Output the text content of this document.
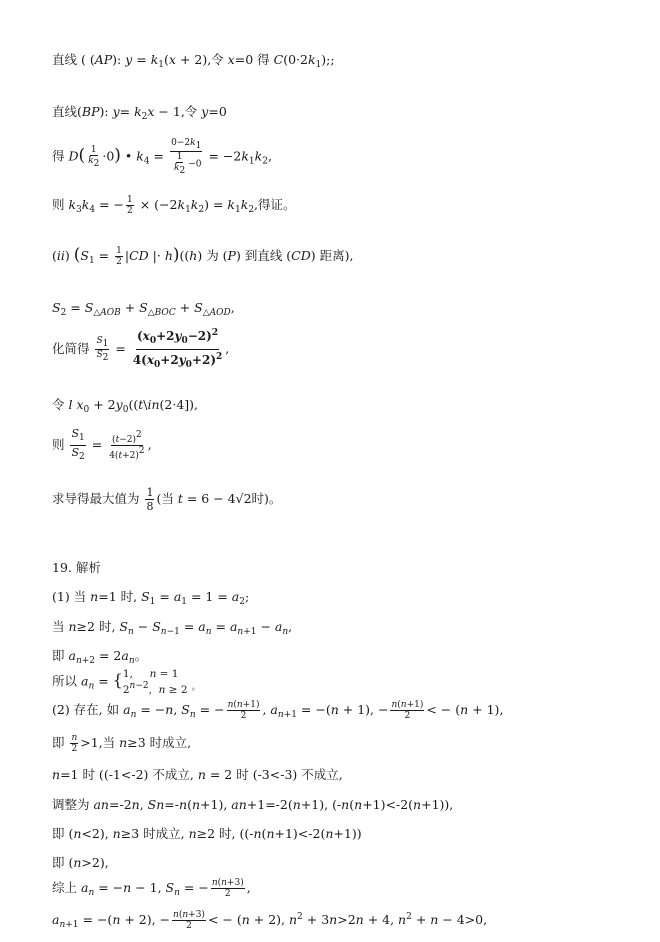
直线 ( (AP): $y = k_1(x + 2)$,令 x=0 得 $C(0\cdot 2k_1)$;;
直线(BP): $y= k_2x - 1$,令 y=0
得 $D( \frac{1}{k2} \cdot 0)$ • $k_4 = \frac{0-2k1}{\frac{1}{k2} -0} = -2k_1k_2$,
则 $k_3k_4$ = − $\frac{1}{2} \times (-2k_1k_2) = k_1k_2$,得证。
(ii) ($S_1 = \frac{1}{2} |CD$ |· h)((h) 为 (P) 到直线 (CD) 距离),
$S_2 = S_{\triangle AOB} + S_{\triangle BOC} + S_{\triangle AOD}$,
化简得 $\frac{S1}{S2} = \frac{(x_0+2y_0-2)^2}{4(x_0+2y_0+2)^2}$ ,
令 l $x_0$ + $2y_0((t\backslash in(2\cdot 4])$,
则 $\frac{S_1}{S_2} = \frac{(t-2)2}{4(t+2)2}$ ,
求导得最大值为 $\frac{1}{8}$ (当 t = 6 − 4√2时)。
19. 解析
(1) 当 n=1 时, $S_1 = a_1 = 1 = a_2$;
当 n≥2 时, $S_n - S_{n-1} = a_n = a_{n+1} - a_n$,
即 $a_{n+2} = 2a_n$。
所以 $a_n$ = { 1,     n = 1
2n−2,  n ≥ 2 $_。$
(2) 存在, 如 $a_n = -n$, $S_n$ = − $\frac{n(n+1)}{2}$ , $a_{n+1} = -(n + 1)$, − $\frac{n(n+1)}{2}$ < − (n + 1),
即 $\frac{n}{2} >1$,当 n≥3 时成立,
n=1 时 ((-1<-2) 不成立, n = 2 时 (-3<-3) 不成立,
调整为 an=-2n, Sn=-n(n+1), an+1=-2(n+1), (-n(n+1)<-2(n+1)),
即 (n<2), n≥3 时成立, n≥2 时, ((-n(n+1)<-2(n+1))
即 (n>2),
综上 $a_n = -n - 1$, $S_n$ = − $\frac{n(n+3)}{2}$ ,
$a_{n+1} = -(n + 2)$, − $\frac{n(n+3)}{2}$ < − (n + 2), $n^2 + 3n>2n + 4$, $n^2 + n - 4>0$,
